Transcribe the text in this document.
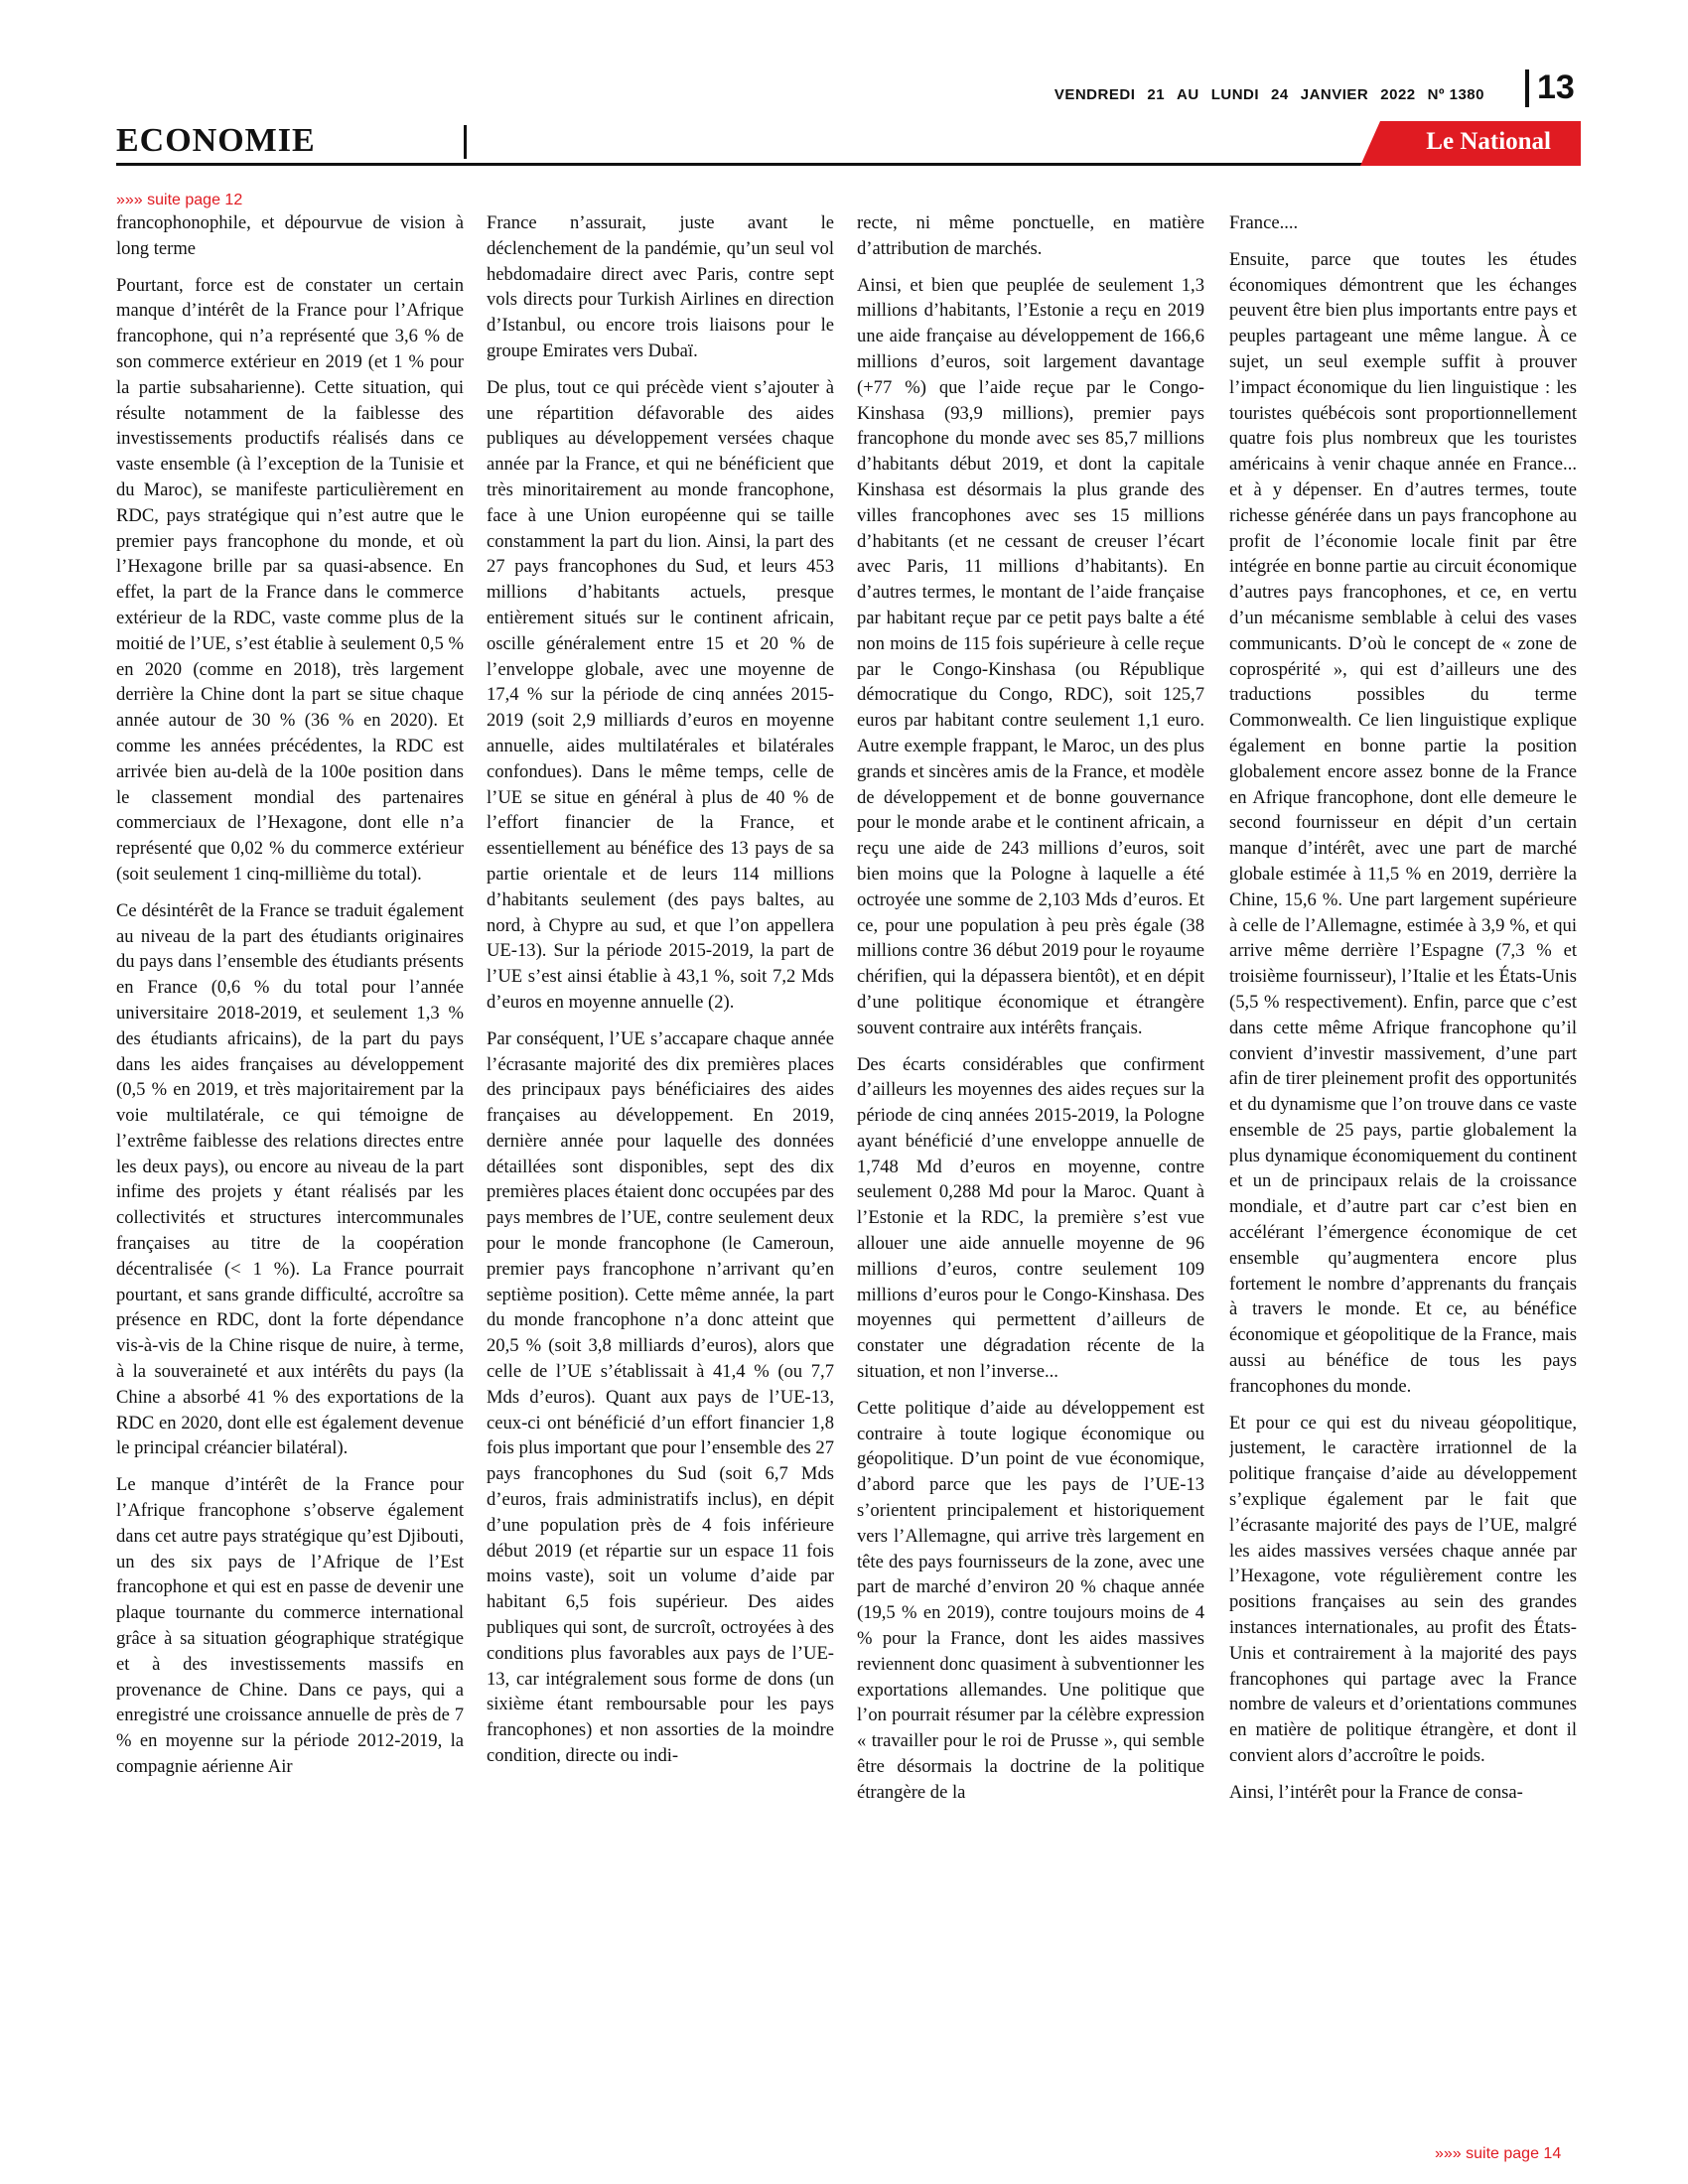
VENDREDI 21 AU LUNDI 24 JANVIER 2022 Nº 1380 13
ECONOMIE	Le National
»»» suite page 12

francophonophile, et dépourvue de vision à long terme

Pourtant, force est de constater un certain manque d’intérêt de la France pour l’Afrique francophone, qui n’a représenté que 3,6 % de son commerce extérieur en 2019 (et 1 % pour la partie subsaharienne). Cette situation, qui résulte notamment de la faiblesse des investissements productifs réalisés dans ce vaste ensemble (à l’exception de la Tunisie et du Maroc), se manifeste particulièrement en RDC, pays stratégique qui n’est autre que le premier pays francophone du monde, et où l’Hexagone brille par sa quasi-absence. En effet, la part de la France dans le commerce extérieur de la RDC, vaste comme plus de la moitié de l’UE, s’est établie à seulement 0,5 % en 2020 (comme en 2018), très largement derrière la Chine dont la part se situe chaque année autour de 30 % (36 % en 2020). Et comme les années précédentes, la RDC est arrivée bien au-delà de la 100e position dans le classement mondial des partenaires commerciaux de l’Hexagone, dont elle n’a représenté que 0,02 % du commerce extérieur (soit seulement 1 cinq-millième du total).

Ce désintérêt de la France se traduit également au niveau de la part des étudiants originaires du pays dans l’ensemble des étudiants présents en France (0,6 % du total pour l’année universitaire 2018-2019, et seulement 1,3 % des étudiants africains), de la part du pays dans les aides françaises au développement (0,5 % en 2019, et très majoritairement par la voie multilatérale, ce qui témoigne de l’extrême faiblesse des relations directes entre les deux pays), ou encore au niveau de la part infime des projets y étant réalisés par les collectivités et structures intercommunales françaises au titre de la coopération décentralisée (< 1 %). La France pourrait pourtant, et sans grande difficulté, accroître sa présence en RDC, dont la forte dépendance vis-à-vis de la Chine risque de nuire, à terme, à la souveraineté et aux intérêts du pays (la Chine a absorbé 41 % des exportations de la RDC en 2020, dont elle est également devenue le principal créancier bilatéral).

Le manque d’intérêt de la France pour l’Afrique francophone s’observe également dans cet autre pays stratégique qu’est Djibouti, un des six pays de l’Afrique de l’Est francophone et qui est en passe de devenir une plaque tournante du commerce international grâce à sa situation géographique stratégique et à des investissements massifs en provenance de Chine. Dans ce pays, qui a enregistré une croissance annuelle de près de 7 % en moyenne sur la période 2012-2019, la compagnie aérienne Air

France n’assurait, juste avant le déclenchement de la pandémie, qu’un seul vol hebdomadaire direct avec Paris, contre sept vols directs pour Turkish Airlines en direction d’Istanbul, ou encore trois liaisons pour le groupe Emirates vers Dubaï.

De plus, tout ce qui précède vient s’ajouter à une répartition défavorable des aides publiques au développement versées chaque année par la France, et qui ne bénéficient que très minoritairement au monde francophone, face à une Union européenne qui se taille constamment la part du lion. Ainsi, la part des 27 pays francophones du Sud, et leurs 453 millions d’habitants actuels, presque entièrement situés sur le continent africain, oscille généralement entre 15 et 20 % de l’enveloppe globale, avec une moyenne de 17,4 % sur la période de cinq années 2015-2019 (soit 2,9 milliards d’euros en moyenne annuelle, aides multilatérales et bilatérales confondues). Dans le même temps, celle de l’UE se situe en général à plus de 40 % de l’effort financier de la France, et essentiellement au bénéfice des 13 pays de sa partie orientale et de leurs 114 millions d’habitants seulement (des pays baltes, au nord, à Chypre au sud, et que l’on appellera UE-13). Sur la période 2015-2019, la part de l’UE s’est ainsi établie à 43,1 %, soit 7,2 Mds d’euros en moyenne annuelle (2).

Par conséquent, l’UE s’accapare chaque année l’écrasante majorité des dix premières places des principaux pays bénéficiaires des aides françaises au développement. En 2019, dernière année pour laquelle des données détaillées sont disponibles, sept des dix premières places étaient donc occupées par des pays membres de l’UE, contre seulement deux pour le monde francophone (le Cameroun, premier pays francophone n’arrivant qu’en septième position). Cette même année, la part du monde francophone n’a donc atteint que 20,5 % (soit 3,8 milliards d’euros), alors que celle de l’UE s’établissait à 41,4 % (ou 7,7 Mds d’euros). Quant aux pays de l’UE-13, ceux-ci ont bénéficié d’un effort financier 1,8 fois plus important que pour l’ensemble des 27 pays francophones du Sud (soit 6,7 Mds d’euros, frais administratifs inclus), en dépit d’une population près de 4 fois inférieure début 2019 (et répartie sur un espace 11 fois moins vaste), soit un volume d’aide par habitant 6,5 fois supérieur. Des aides publiques qui sont, de surcroît, octroyées à des conditions plus favorables aux pays de l’UE-13, car intégralement sous forme de dons (un sixième étant remboursable pour les pays francophones) et non assorties de la moindre condition, directe ou indi-

recte, ni même ponctuelle, en matière d’attribution de marchés.

Ainsi, et bien que peuplée de seulement 1,3 millions d’habitants, l’Estonie a reçu en 2019 une aide française au développement de 166,6 millions d’euros, soit largement davantage (+77 %) que l’aide reçue par le Congo-Kinshasa (93,9 millions), premier pays francophone du monde avec ses 85,7 millions d’habitants début 2019, et dont la capitale Kinshasa est désormais la plus grande des villes francophones avec ses 15 millions d’habitants (et ne cessant de creuser l’écart avec Paris, 11 millions d’habitants). En d’autres termes, le montant de l’aide française par habitant reçue par ce petit pays balte a été non moins de 115 fois supérieure à celle reçue par le Congo-Kinshasa (ou République démocratique du Congo, RDC), soit 125,7 euros par habitant contre seulement 1,1 euro. Autre exemple frappant, le Maroc, un des plus grands et sincères amis de la France, et modèle de développement et de bonne gouvernance pour le monde arabe et le continent africain, a reçu une aide de 243 millions d’euros, soit bien moins que la Pologne à laquelle a été octroyée une somme de 2,103 Mds d’euros. Et ce, pour une population à peu près égale (38 millions contre 36 début 2019 pour le royaume chérifien, qui la dépassera bientôt), et en dépit d’une politique économique et étrangère souvent contraire aux intérêts français.

Des écarts considérables que confirment d’ailleurs les moyennes des aides reçues sur la période de cinq années 2015-2019, la Pologne ayant bénéficié d’une enveloppe annuelle de 1,748 Md d’euros en moyenne, contre seulement 0,288 Md pour la Maroc. Quant à l’Estonie et la RDC, la première s’est vue allouer une aide annuelle moyenne de 96 millions d’euros, contre seulement 109 millions d’euros pour le Congo-Kinshasa. Des moyennes qui permettent d’ailleurs de constater une dégradation récente de la situation, et non l’inverse...

Cette politique d’aide au développement est contraire à toute logique économique ou géopolitique. D’un point de vue économique, d’abord parce que les pays de l’UE-13 s’orientent principalement et historiquement vers l’Allemagne, qui arrive très largement en tête des pays fournisseurs de la zone, avec une part de marché d’environ 20 % chaque année (19,5 % en 2019), contre toujours moins de 4 % pour la France, dont les aides massives reviennent donc quasiment à subventionner les exportations allemandes. Une politique que l’on pourrait résumer par la célèbre expression « travailler pour le roi de Prusse », qui semble être désormais la doctrine de la politique étrangère de la

France....

Ensuite, parce que toutes les études économiques démontrent que les échanges peuvent être bien plus importants entre pays et peuples partageant une même langue. À ce sujet, un seul exemple suffit à prouver l’impact économique du lien linguistique : les touristes québécois sont proportionnellement quatre fois plus nombreux que les touristes américains à venir chaque année en France... et à y dépenser. En d’autres termes, toute richesse générée dans un pays francophone au profit de l’économie locale finit par être intégrée en bonne partie au circuit économique d’autres pays francophones, et ce, en vertu d’un mécanisme semblable à celui des vases communicants. D’où le concept de « zone de coprospérité », qui est d’ailleurs une des traductions possibles du terme Commonwealth. Ce lien linguistique explique également en bonne partie la position globalement encore assez bonne de la France en Afrique francophone, dont elle demeure le second fournisseur en dépit d’un certain manque d’intérêt, avec une part de marché globale estimée à 11,5 % en 2019, derrière la Chine, 15,6 %. Une part largement supérieure à celle de l’Allemagne, estimée à 3,9 %, et qui arrive même derrière l’Espagne (7,3 % et troisième fournisseur), l’Italie et les États-Unis (5,5 % respectivement). Enfin, parce que c’est dans cette même Afrique francophone qu’il convient d’investir massivement, d’une part afin de tirer pleinement profit des opportunités et du dynamisme que l’on trouve dans ce vaste ensemble de 25 pays, partie globalement la plus dynamique économiquement du continent et un de principaux relais de la croissance mondiale, et d’autre part car c’est bien en accélérant l’émergence économique de cet ensemble qu’augmentera encore plus fortement le nombre d’apprenants du français à travers le monde. Et ce, au bénéfice économique et géopolitique de la France, mais aussi au bénéfice de tous les pays francophones du monde.

Et pour ce qui est du niveau géopolitique, justement, le caractère irrationnel de la politique française d’aide au développement s’explique également par le fait que l’écrasante majorité des pays de l’UE, malgré les aides massives versées chaque année par l’Hexagone, vote régulièrement contre les positions françaises au sein des grandes instances internationales, au profit des États-Unis et contrairement à la majorité des pays francophones qui partage avec la France nombre de valeurs et d’orientations communes en matière de politique étrangère, et dont il convient alors d’accroître le poids.

Ainsi, l’intérêt pour la France de consa-

»»» suite page 14
